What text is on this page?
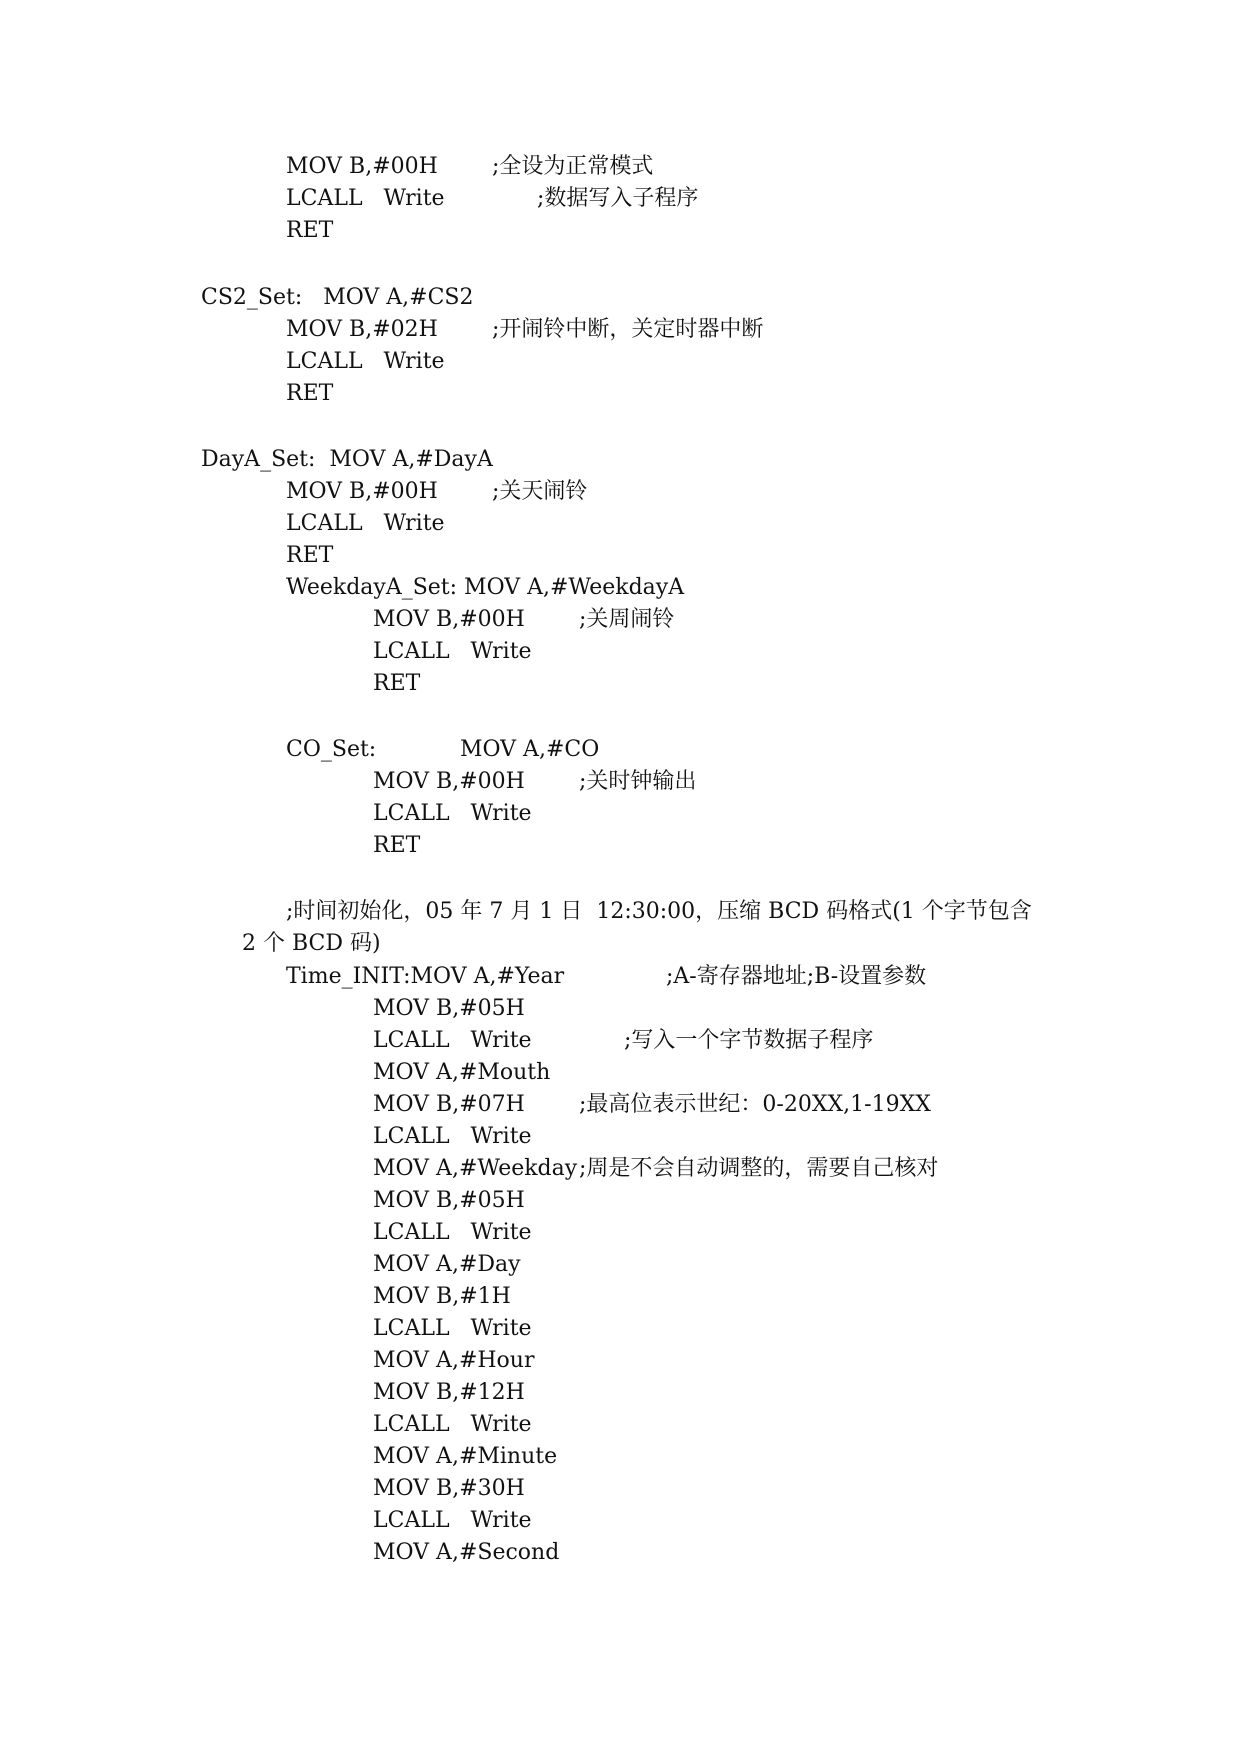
MOV B,#00H

;全设为正常模式

LCALL   Write

	;数据写入子程序

RET

CS2_Set:   MOV A,#CS2

MOV B,#02H

;开闹铃中断，关定时器中断

LCALL   Write

RET

DayA_Set:  MOV A,#DayA

MOV B,#00H

;关天闹铃

LCALL   Write

RET

WeekdayA_Set: MOV A,#WeekdayA

MOV B,#00H

;关周闹铃

LCALL   Write

RET

CO_Set:

	MOV A,#CO

MOV B,#00H

;关时钟输出

LCALL   Write

RET

;时间初始化，05 年 7 月 1 日  12:30:00，压缩 BCD 码格式(1 个字节包含

2 个 BCD 码)

Time_INIT:MOV A,#Year

	;A-寄存器地址;B-设置参数

MOV B,#05H

LCALL   Write

	;写入一个字节数据子程序

MOV A,#Mouth

MOV B,#07H

;最高位表示世纪：0-20XX,1-19XX

LCALL   Write

MOV A,#Weekday

;周是不会自动调整的，需要自己核对

MOV B,#05H

LCALL   Write

MOV A,#Day

MOV B,#1H

LCALL   Write

MOV A,#Hour

MOV B,#12H

LCALL   Write

MOV A,#Minute

MOV B,#30H

LCALL   Write

MOV A,#Second
